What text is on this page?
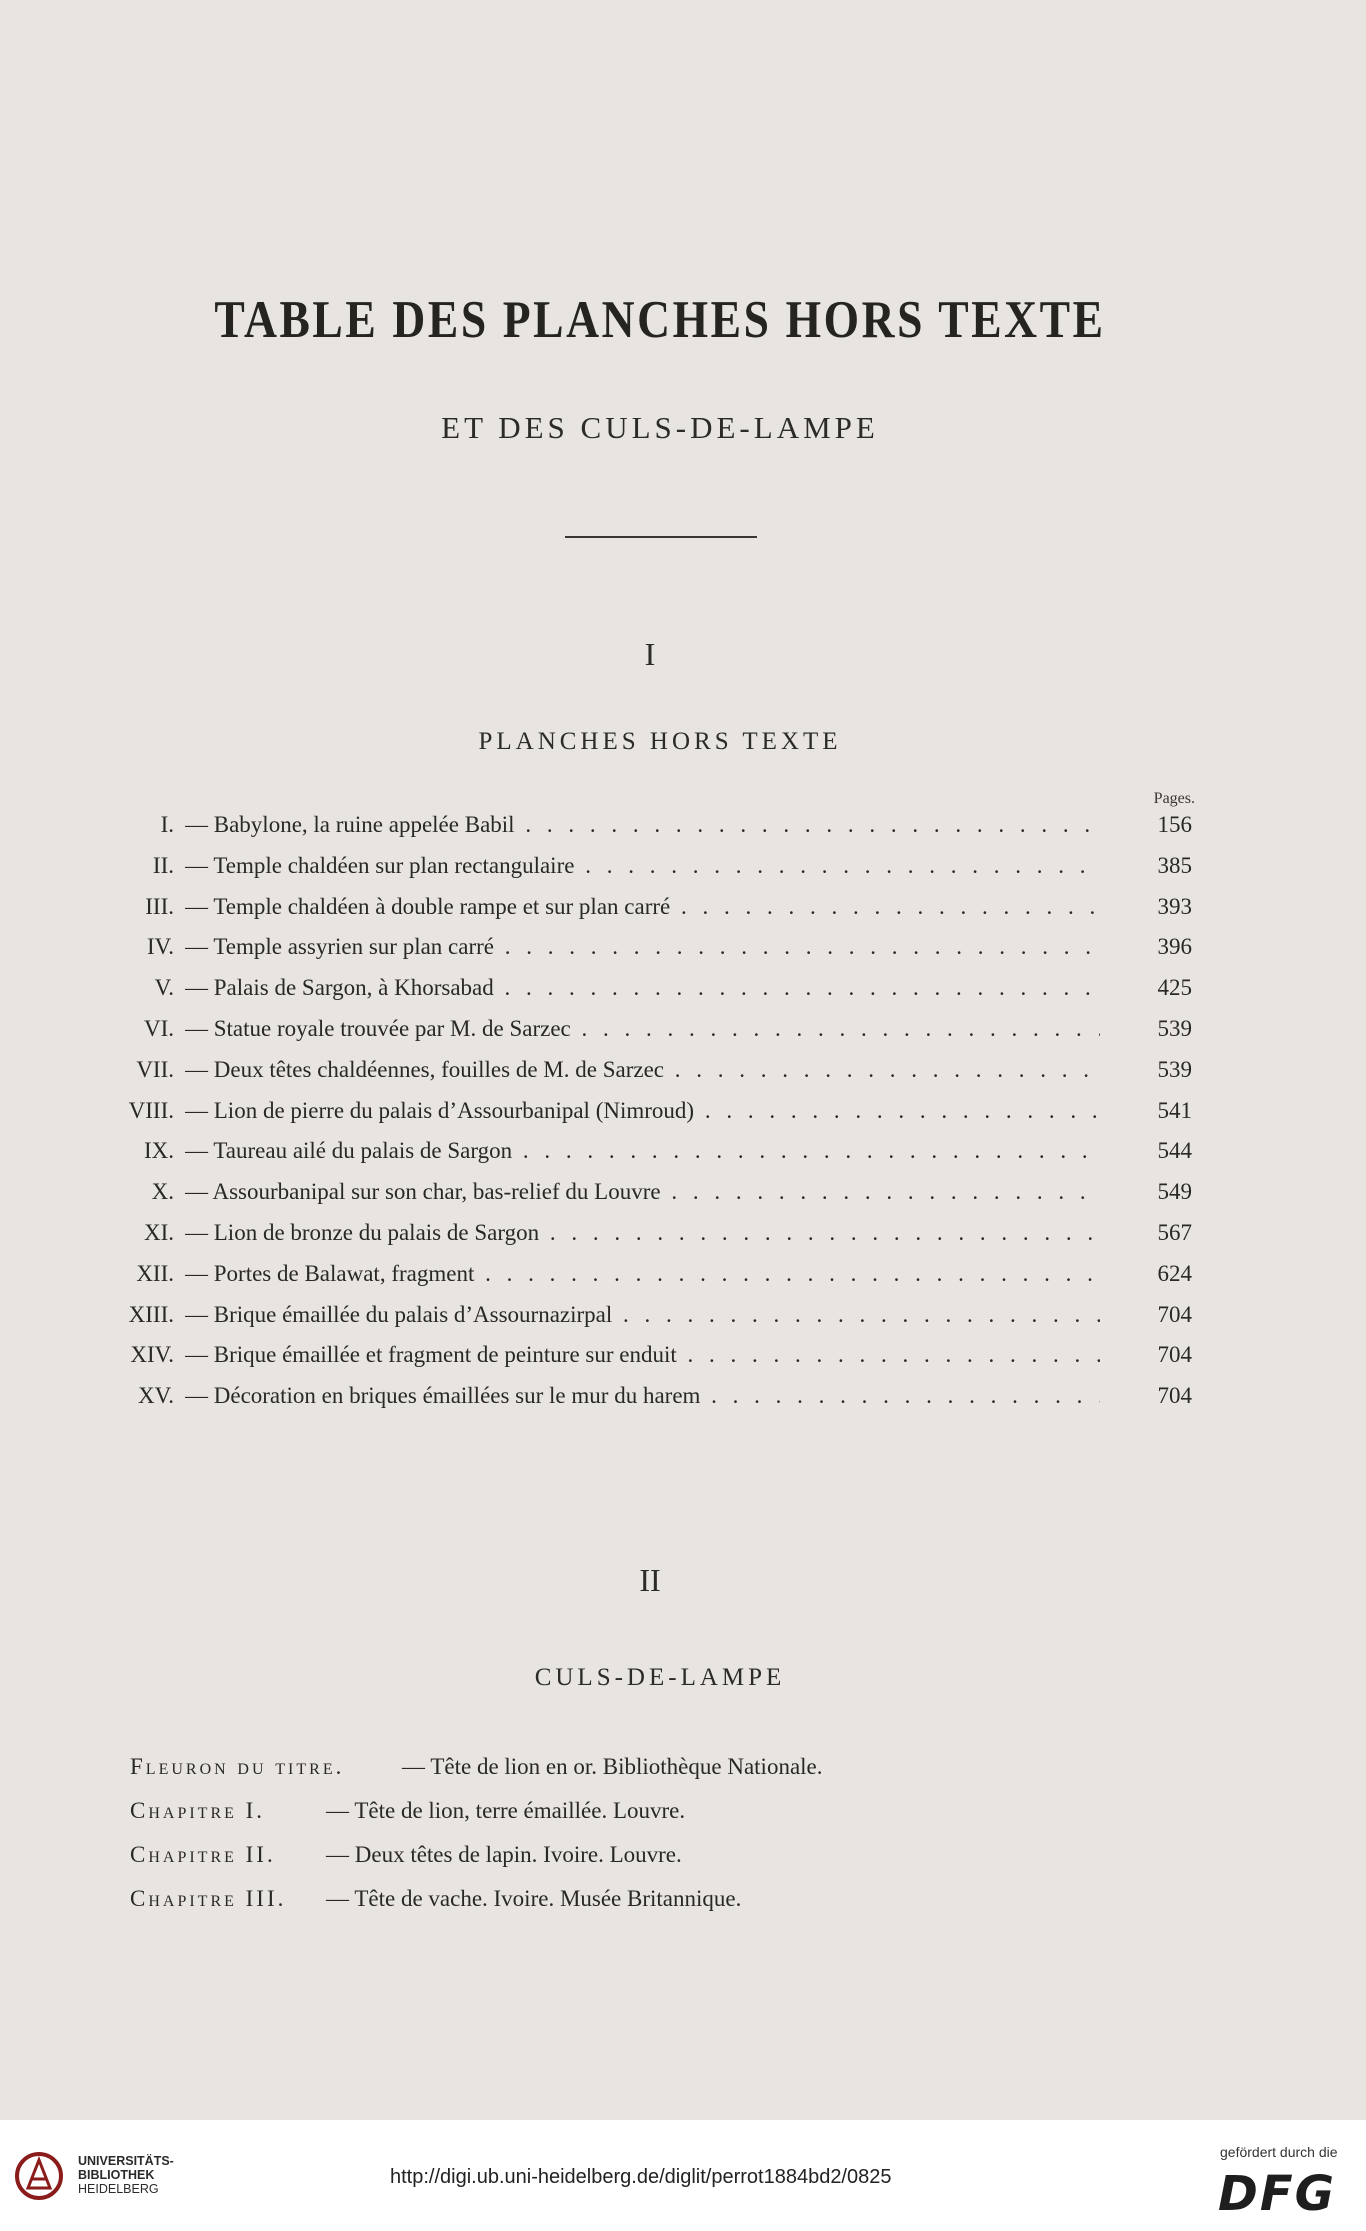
TABLE DES PLANCHES HORS TEXTE
ET DES CULS-DE-LAMPE
I
PLANCHES HORS TEXTE
Pages.
I. — Babylone, la ruine appelée Babil . . .	156
II. — Temple chaldéen sur plan rectangulaire . . .	385
III. — Temple chaldéen à double rampe et sur plan carré . . .	393
IV. — Temple assyrien sur plan carré . . .	396
V. — Palais de Sargon, à Khorsabad . . .	425
VI. — Statue royale trouvée par M. de Sarzec . . .	539
VII. — Deux têtes chaldéennes, fouilles de M. de Sarzec . . .	539
VIII. — Lion de pierre du palais d’Assourbanipal (Nimroud) . . .	541
IX. — Taureau ailé du palais de Sargon . . .	544
X. — Assourbanipal sur son char, bas-relief du Louvre . . .	549
XI. — Lion de bronze du palais de Sargon . . .	567
XII. — Portes de Balawat, fragment . . .	624
XIII. — Brique émaillée du palais d’Assournazirpal . . .	704
XIV. — Brique émaillée et fragment de peinture sur enduit . . .	704
XV. — Décoration en briques émaillées sur le mur du harem . . .	704
II
CULS-DE-LAMPE
Fleuron du titre.	— Tête de lion en or. Bibliothèque Nationale.
Chapitre I.	— Tête de lion, terre émaillée. Louvre.
Chapitre II. — Deux têtes de lapin. Ivoire. Louvre.
Chapitre III. — Tête de vache. Ivoire. Musée Britannique.
UNIVERSITÄTS-
BIBLIOTHEK
HEIDELBERG
http://digi.ub.uni-heidelberg.de/diglit/perrot1884bd2/0825
gefördert durch die
DFG
